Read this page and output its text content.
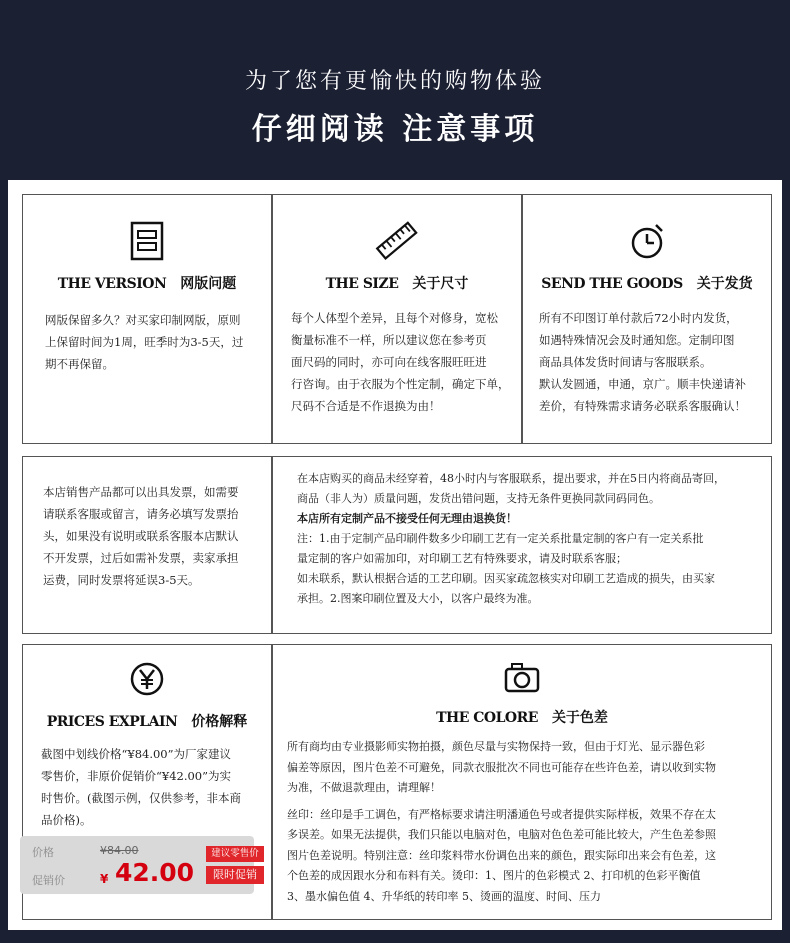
为了您有更愉快的购物体验
仔细阅读 注意事项
THE VERSION 网版问题

网版保留多久？对买家印制网版，原则

上保留时间为1周，旺季时为3-5天，过

期不再保留。

THE SIZE 关于尺寸

每个人体型个差异，且每个对修身，宽松

衡量标准不一样，所以建议您在参考页

面尺码的同时，亦可向在线客服旺旺进

行咨询。由于衣服为个性定制，确定下单，

尺码不合适是不作退换为由！

SEND THE GOODS 关于发货

所有不印图订单付款后72小时内发货，

如遇特殊情况会及时通知您。定制印图

商品具体发货时间请与客服联系。

默认发圆通，申通，京广。顺丰快递请补

差价，有特殊需求请务必联系客服确认！

本店销售产品都可以出具发票，如需要

请联系客服或留言，请务必填写发票抬

头，如果没有说明或联系客服本店默认

不开发票，过后如需补发票，卖家承担

运费，同时发票将延误3-5天。

在本店购买的商品未经穿着，48小时内与客服联系，提出要求，并在5日内将商品寄回，

商品（非人为）质量问题，发货出错问题，支持无条件更换同款同码同色。

本店所有定制产品不接受任何无理由退换货！

注：1.由于定制产品印刷件数多少印刷工艺有一定关系批量定制的客户有一定关系批

量定制的客户如需加印，对印刷工艺有特殊要求，请及时联系客服；

如未联系，默认根据合适的工艺印刷。因买家疏忽核实对印刷工艺造成的损失，由买家

承担。2.图案印刷位置及大小，以客户最终为准。

PRICES EXPLAIN 价格解释

截图中划线价格“¥84.00”为厂家建议

零售价，非原价促销价“¥42.00”为实

时售价。(截图示例，仅供参考，非本商

品价格)。

价格	¥84.00
促销价	¥ 42.00
建议零售价
限时促销
THE COLORE 关于色差

所有商均由专业摄影师实物拍摄，颜色尽量与实物保持一致，但由于灯光、显示器色彩

偏差等原因，图片色差不可避免，同款衣服批次不同也可能存在些许色差，请以收到实物

为准，不做退款理由，请理解！

丝印：丝印是手工调色，有严格标要求请注明潘通色号或者提供实际样板，效果不存在太

多误差。如果无法提供，我们只能以电脑对色，电脑对色色差可能比较大，产生色差参照

图片色差说明。特别注意：丝印浆料带水份调色出来的颜色，跟实际印出来会有色差，这

个色差的成因跟水分和布料有关。烫印：1、图片的色彩模式 2、打印机的色彩平衡值

3、墨水偏色值 4、升华纸的转印率 5、烫画的温度、时间、压力
